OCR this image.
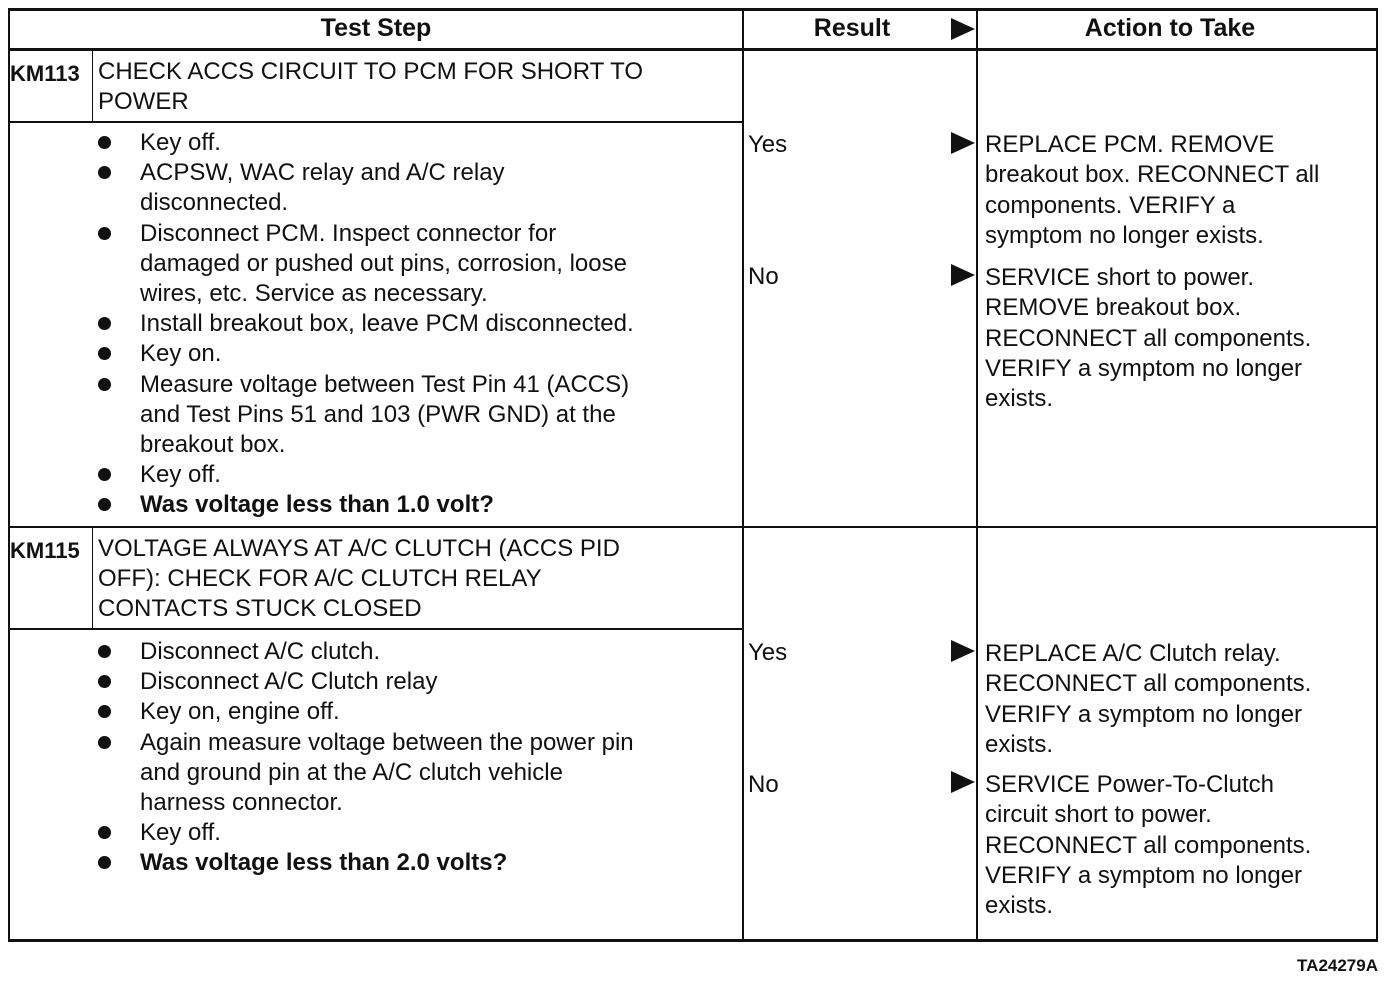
Test Step	Result	Action to Take
KM113 CHECK ACCS CIRCUIT TO PCM FOR SHORT TO
POWER
Key off.
ACPSW, WAC relay and A/C relay
disconnected.
Disconnect PCM. Inspect connector for
damaged or pushed out pins, corrosion, loose
wires, etc. Service as necessary.
Install breakout box, leave PCM disconnected.
Key on.
Measure voltage between Test Pin 41 (ACCS)
and Test Pins 51 and 103 (PWR GND) at the
breakout box.
Key off.
Was voltage less than 1.0 volt?
Yes	REPLACE PCM. REMOVE
breakout box. RECONNECT all
components. VERIFY a
symptom no longer exists.
No	SERVICE short to power.
REMOVE breakout box.
RECONNECT all components.
VERIFY a symptom no longer
exists.
KM115 VOLTAGE ALWAYS AT A/C CLUTCH (ACCS PID
OFF): CHECK FOR A/C CLUTCH RELAY
CONTACTS STUCK CLOSED
Disconnect A/C clutch.
Disconnect A/C Clutch relay
Key on, engine off.
Again measure voltage between the power pin
and ground pin at the A/C clutch vehicle
harness connector.
Key off.
Was voltage less than 2.0 volts?
Yes	REPLACE A/C Clutch relay.
RECONNECT all components.
VERIFY a symptom no longer
exists.
No	SERVICE Power-To-Clutch
circuit short to power.
RECONNECT all components.
VERIFY a symptom no longer
exists.
TA24279A
